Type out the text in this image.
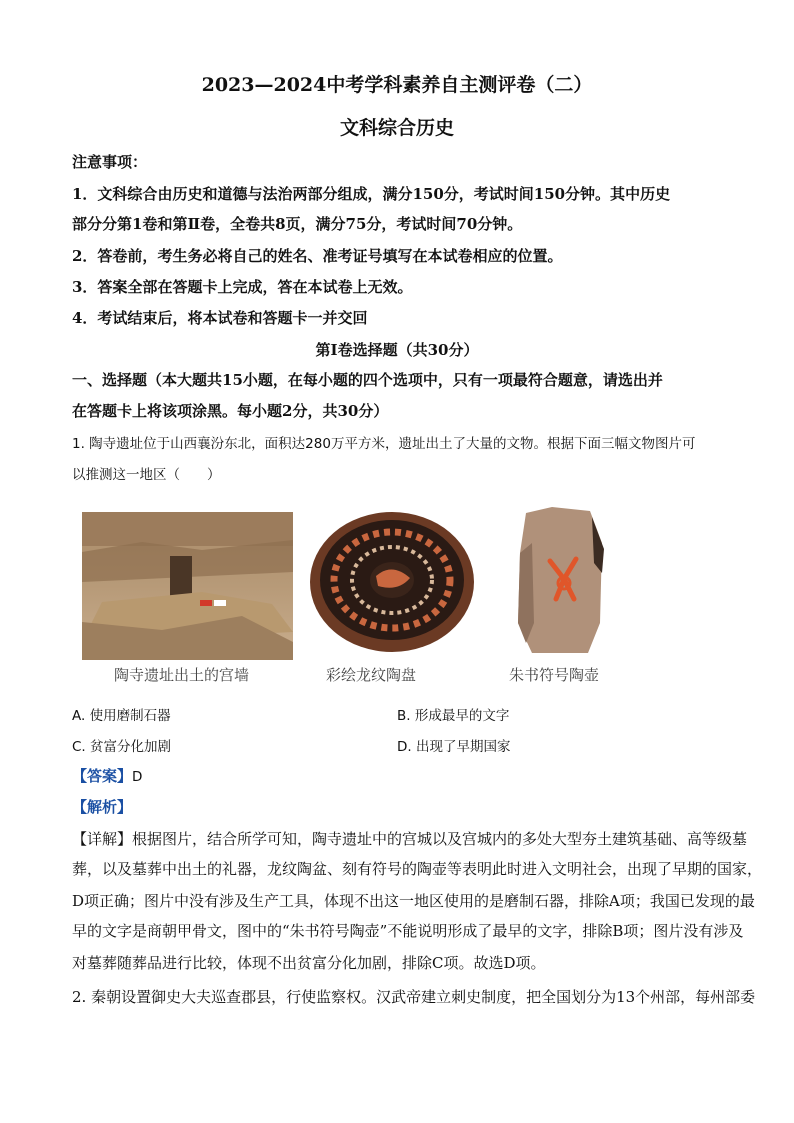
2023—2024中考学科素养自主测评卷（二）
文科综合历史
注意事项：
1．文科综合由历史和道德与法治两部分组成，满分150分，考试时间150分钟。其中历史
部分分第1卷和第Ⅱ卷，全卷共8页，满分75分，考试时间70分钟。
2．答卷前，考生务必将自己的姓名、准考证号填写在本试卷相应的位置。
3．答案全部在答题卡上完成，答在本试卷上无效。
4．考试结束后，将本试卷和答题卡一并交回
第Ⅰ卷选择题（共30分）
一、选择题（本大题共15小题，在每小题的四个选项中，只有一项最符合题意，请选出并
在答题卡上将该项涂黑。每小题2分，共30分）
1. 陶寺遗址位于山西襄汾东北，面积达280万平方米，遗址出土了大量的文物。根据下面三幅文物图片可
以推测这一地区（　　）
陶寺遗址出土的宫墙	彩绘龙纹陶盘	朱书符号陶壶
A. 使用磨制石器	B. 形成最早的文字
C. 贫富分化加剧	D. 出现了早期国家
【答案】D
【解析】
【详解】根据图片，结合所学可知，陶寺遗址中的宫城以及宫城内的多处大型夯土建筑基础、高等级墓
葬，以及墓葬中出土的礼器，龙纹陶盆、刻有符号的陶壶等表明此时进入文明社会，出现了早期的国家，
D项正确；图片中没有涉及生产工具，体现不出这一地区使用的是磨制石器，排除A项；我国已发现的最
早的文字是商朝甲骨文，图中的“朱书符号陶壶”不能说明形成了最早的文字，排除B项；图片没有涉及
对墓葬随葬品进行比较，体现不出贫富分化加剧，排除C项。故选D项。
2. 秦朝设置御史大夫巡查郡县，行使监察权。汉武帝建立刺史制度，把全国划分为13个州部，每州部委
